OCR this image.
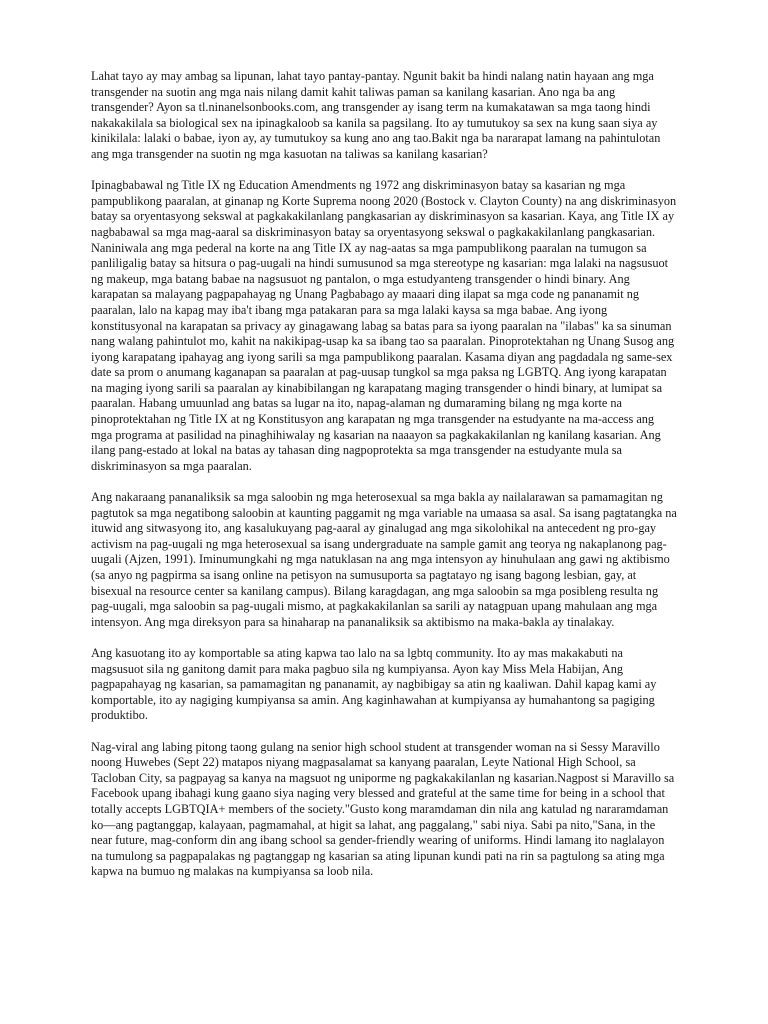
Lahat tayo ay may ambag sa lipunan, lahat tayo pantay-pantay. Ngunit bakit ba hindi nalang natin hayaan ang mga transgender na suotin ang mga nais nilang damit kahit taliwas paman sa kanilang kasarian. Ano nga ba ang transgender? Ayon sa tl.ninanelsonbooks.com, ang transgender ay isang term na kumakatawan sa mga taong hindi nakakakilala sa biological sex na ipinagkaloob sa kanila sa pagsilang. Ito ay tumutukoy sa sex na kung saan siya ay kinikilala: lalaki o babae, iyon ay, ay tumutukoy sa kung ano ang tao.Bakit nga ba nararapat lamang na pahintulotan ang mga transgender na suotin ng mga kasuotan na taliwas sa kanilang kasarian?

Ipinagbabawal ng Title IX ng Education Amendments ng 1972 ang diskriminasyon batay sa kasarian ng mga pampublikong paaralan, at ginanap ng Korte Suprema noong 2020 (Bostock v. Clayton County) na ang diskriminasyon batay sa oryentasyong sekswal at pagkakakilanlang pangkasarian ay diskriminasyon sa kasarian. Kaya, ang Title IX ay nagbabawal sa mga mag-aaral sa diskriminasyon batay sa oryentasyong sekswal o pagkakakilanlang pangkasarian. Naniniwala ang mga pederal na korte na ang Title IX ay nag-aatas sa mga pampublikong paaralan na tumugon sa panliligalig batay sa hitsura o pag-uugali na hindi sumusunod sa mga stereotype ng kasarian: mga lalaki na nagsusuot ng makeup, mga batang babae na nagsusuot ng pantalon, o mga estudyanteng transgender o hindi binary. Ang karapatan sa malayang pagpapahayag ng Unang Pagbabago ay maaari ding ilapat sa mga code ng pananamit ng paaralan, lalo na kapag may iba't ibang mga patakaran para sa mga lalaki kaysa sa mga babae. Ang iyong konstitusyonal na karapatan sa privacy ay ginagawang labag sa batas para sa iyong paaralan na "ilabas" ka sa sinuman nang walang pahintulot mo, kahit na nakikipag-usap ka sa ibang tao sa paaralan. Pinoprotektahan ng Unang Susog ang iyong karapatang ipahayag ang iyong sarili sa mga pampublikong paaralan. Kasama diyan ang pagdadala ng same-sex date sa prom o anumang kaganapan sa paaralan at pag-uusap tungkol sa mga paksa ng LGBTQ. Ang iyong karapatan na maging iyong sarili sa paaralan ay kinabibilangan ng karapatang maging transgender o hindi binary, at lumipat sa paaralan. Habang umuunlad ang batas sa lugar na ito, napag-alaman ng dumaraming bilang ng mga korte na pinoprotektahan ng Title IX at ng Konstitusyon ang karapatan ng mga transgender na estudyante na ma-access ang mga programa at pasilidad na pinaghihiwalay ng kasarian na naaayon sa pagkakakilanlan ng kanilang kasarian. Ang ilang pang-estado at lokal na batas ay tahasan ding nagpoprotekta sa mga transgender na estudyante mula sa diskriminasyon sa mga paaralan.

Ang nakaraang pananaliksik sa mga saloobin ng mga heterosexual sa mga bakla ay nailalarawan sa pamamagitan ng pagtutok sa mga negatibong saloobin at kaunting paggamit ng mga variable na umaasa sa asal. Sa isang pagtatangka na ituwid ang sitwasyong ito, ang kasalukuyang pag-aaral ay ginalugad ang mga sikolohikal na antecedent ng pro-gay activism na pag-uugali ng mga heterosexual sa isang undergraduate na sample gamit ang teorya ng nakaplanong pag-uugali (Ajzen, 1991). Iminumungkahi ng mga natuklasan na ang mga intensyon ay hinuhulaan ang gawi ng aktibismo (sa anyo ng pagpirma sa isang online na petisyon na sumusuporta sa pagtatayo ng isang bagong lesbian, gay, at bisexual na resource center sa kanilang campus). Bilang karagdagan, ang mga saloobin sa mga posibleng resulta ng pag-uugali, mga saloobin sa pag-uugali mismo, at pagkakakilanlan sa sarili ay natagpuan upang mahulaan ang mga intensyon. Ang mga direksyon para sa hinaharap na pananaliksik sa aktibismo na maka-bakla ay tinalakay.

Ang kasuotang ito ay komportable sa ating kapwa tao lalo na sa lgbtq community. Ito ay mas makakabuti na magsusuot sila ng ganitong damit para maka pagbuo sila ng kumpiyansa. Ayon kay Miss Mela Habijan, Ang pagpapahayag ng kasarian, sa pamamagitan ng pananamit, ay nagbibigay sa atin ng kaaliwan. Dahil kapag kami ay komportable, ito ay nagiging kumpiyansa sa amin. Ang kaginhawahan at kumpiyansa ay humahantong sa pagiging produktibo.

Nag-viral ang labing pitong taong gulang na senior high school student at transgender woman na si Sessy Maravillo noong Huwebes (Sept 22) matapos niyang magpasalamat sa kanyang paaralan, Leyte National High School, sa Tacloban City, sa pagpayag sa kanya na magsuot ng uniporme ng pagkakakilanlan ng kasarian.Nagpost si Maravillo sa Facebook upang ibahagi kung gaano siya naging very blessed and grateful at the same time for being in a school that totally accepts LGBTQIA+ members of the society."Gusto kong maramdaman din nila ang katulad ng nararamdaman ko—ang pagtanggap, kalayaan, pagmamahal, at higit sa lahat, ang paggalang," sabi niya. Sabi pa nito,"Sana, in the near future, mag-conform din ang ibang school sa gender-friendly wearing of uniforms. Hindi lamang ito naglalayon na tumulong sa pagpapalakas ng pagtanggap ng kasarian sa ating lipunan kundi pati na rin sa pagtulong sa ating mga kapwa na bumuo ng malakas na kumpiyansa sa loob nila.
